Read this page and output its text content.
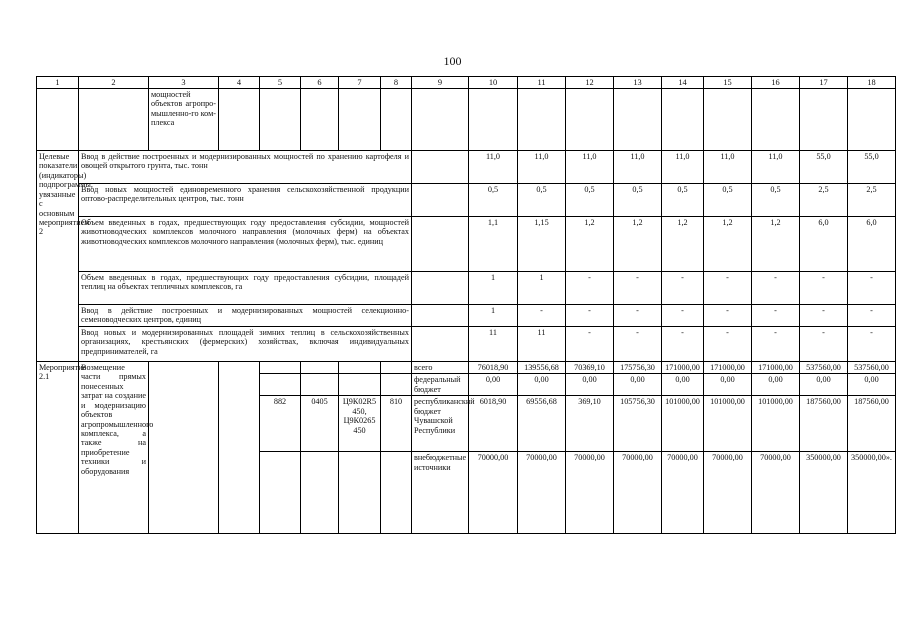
100
1	2	3	4	5	6	7	8	9	10	11	12	13	14	15	16	17	18
		мощностей объектов агропро-мышленно-го ком-плекса															
Целевые показатели (индикаторы) подпрограммы, увязанные с основным мероприятием 2	Ввод в действие построенных и модернизированных мощностей по хранению картофеля и овощей открытого грунта, тыс. тонн								11,0	11,0	11,0	11,0	11,0	11,0	11,0	55,0	55,0
	Ввод новых мощностей единовременного хранения сельскохозяйственной продукции оптово-распределительных центров, тыс. тонн								0,5	0,5	0,5	0,5	0,5	0,5	0,5	2,5	2,5
	Объем введенных в годах, предшествующих году предоставления субсидии, мощностей животноводческих комплексов молочного направления (молочных ферм) на объектах животноводческих комплексов молочного направления (молочных ферм), тыс. единиц								1,1	1,15	1,2	1,2	1,2	1,2	1,2	6,0	6,0
	Объем введенных в годах, предшествующих году предоставления субсидии, площадей теплиц на объектах тепличных комплексов, га								1	1	-	-	-	-	-	-	-
	Ввод в действие построенных и модернизированных мощностей селекционно-семеноводческих центров, единиц								1	-	-	-	-	-	-	-	-
	Ввод новых и модернизированных площадей зимних теплиц в сельскохозяйственных организациях, крестьянских (фермерских) хозяйствах, включая индивидуальных предпринимателей, га								11	11	-	-	-	-	-	-	-
Мероприятие 2.1	Возмещение части прямых понесенных затрат на создание и модернизацию объектов агропромышленного комплекса, а также на приобретение техники и оборудования							всего	76018,90	139556,68	70369,10	175756,30	171000,00	171000,00	171000,00	537560,00	537560,00
								федеральный бюджет	0,00	0,00	0,00	0,00	0,00	0,00	0,00	0,00	0,00
				882	0405	Ц9К02R5 450, Ц9К0265 450	810	республиканский бюджет Чувашской Республики	6018,90	69556,68	369,10	105756,30	101000,00	101000,00	101000,00	187560,00	187560,00
								внебюджетные источники	70000,00	70000,00	70000,00	70000,00	70000,00	70000,00	70000,00	350000,00	350000,00».
